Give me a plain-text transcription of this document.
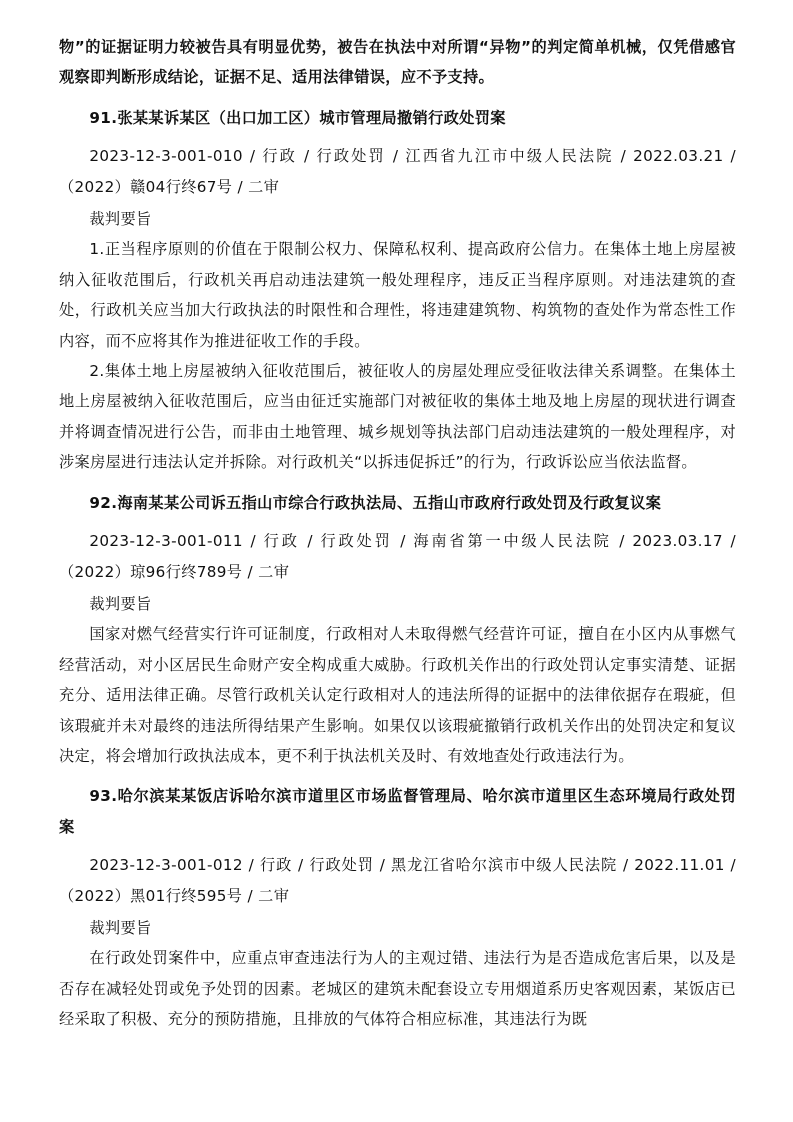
物”的证据证明力较被告具有明显优势，被告在执法中对所谓“异物”的判定简单机械，仅凭借感官观察即判断形成结论，证据不足、适用法律错误，应不予支持。

91.张某某诉某区（出口加工区）城市管理局撤销行政处罚案

2023-12-3-001-010 / 行政 / 行政处罚 / 江西省九江市中级人民法院 / 2022.03.21 / （2022）赣04行终67号 / 二审

裁判要旨

1.正当程序原则的价值在于限制公权力、保障私权利、提高政府公信力。在集体土地上房屋被纳入征收范围后，行政机关再启动违法建筑一般处理程序，违反正当程序原则。对违法建筑的查处，行政机关应当加大行政执法的时限性和合理性，将违建建筑物、构筑物的查处作为常态性工作内容，而不应将其作为推进征收工作的手段。

2.集体土地上房屋被纳入征收范围后，被征收人的房屋处理应受征收法律关系调整。在集体土地上房屋被纳入征收范围后，应当由征迁实施部门对被征收的集体土地及地上房屋的现状进行调查并将调查情况进行公告，而非由土地管理、城乡规划等执法部门启动违法建筑的一般处理程序，对涉案房屋进行违法认定并拆除。对行政机关“以拆违促拆迁”的行为，行政诉讼应当依法监督。

92.海南某某公司诉五指山市综合行政执法局、五指山市政府行政处罚及行政复议案

2023-12-3-001-011 / 行政 / 行政处罚 / 海南省第一中级人民法院 / 2023.03.17 / （2022）琼96行终789号 / 二审

裁判要旨

国家对燃气经营实行许可证制度，行政相对人未取得燃气经营许可证，擅自在小区内从事燃气经营活动，对小区居民生命财产安全构成重大威胁。行政机关作出的行政处罚认定事实清楚、证据充分、适用法律正确。尽管行政机关认定行政相对人的违法所得的证据中的法律依据存在瑕疵，但该瑕疵并未对最终的违法所得结果产生影响。如果仅以该瑕疵撤销行政机关作出的处罚决定和复议决定，将会增加行政执法成本，更不利于执法机关及时、有效地查处行政违法行为。

93.哈尔滨某某饭店诉哈尔滨市道里区市场监督管理局、哈尔滨市道里区生态环境局行政处罚案

2023-12-3-001-012 / 行政 / 行政处罚 / 黑龙江省哈尔滨市中级人民法院 / 2022.11.01 / （2022）黑01行终595号 / 二审

裁判要旨

在行政处罚案件中，应重点审查违法行为人的主观过错、违法行为是否造成危害后果，以及是否存在减轻处罚或免予处罚的因素。老城区的建筑未配套设立专用烟道系历史客观因素，某饭店已经采取了积极、充分的预防措施，且排放的气体符合相应标准，其违法行为既
